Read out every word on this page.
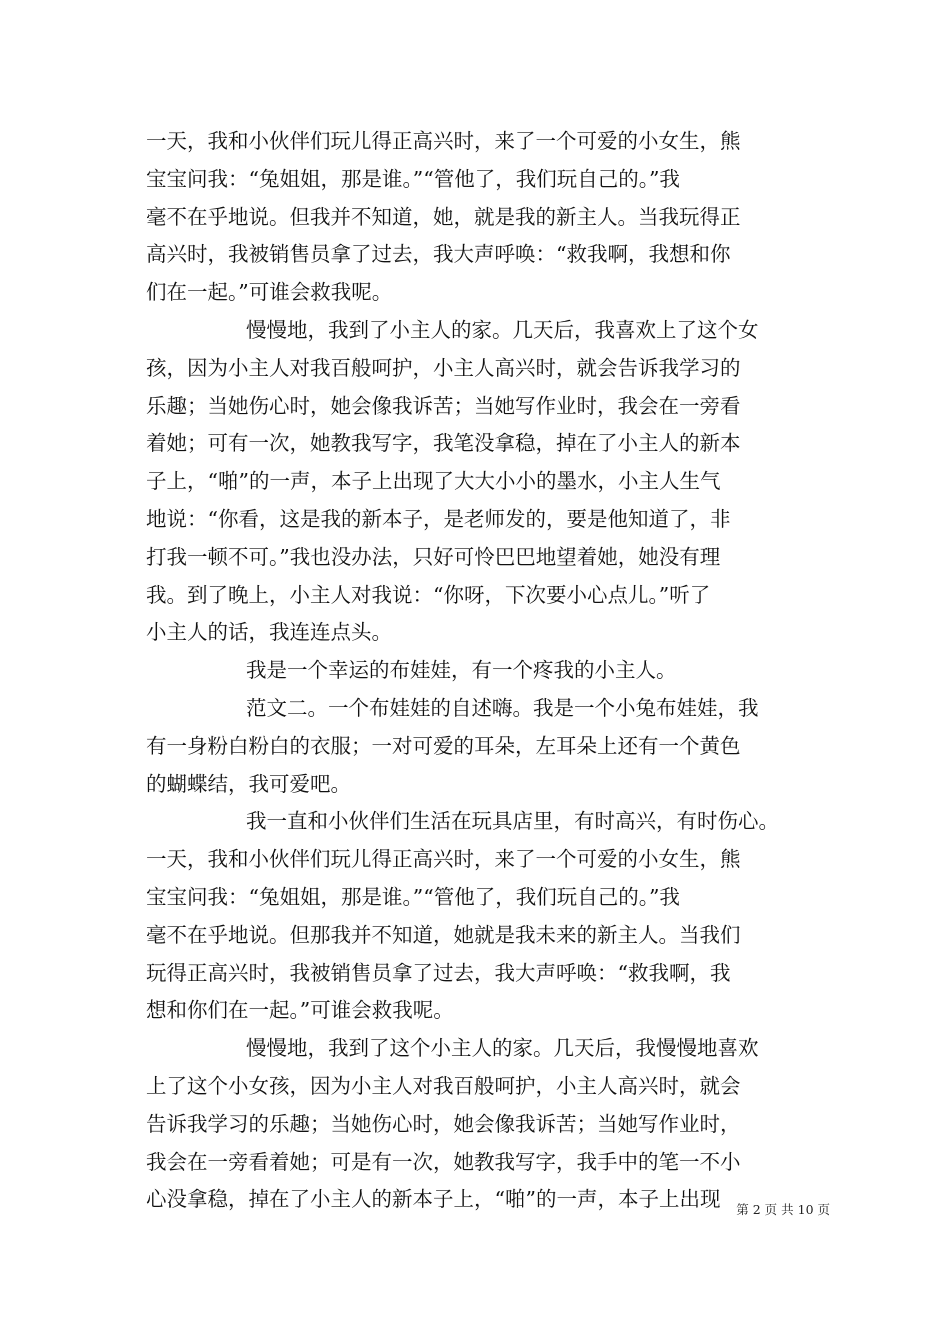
一天，我和小伙伴们玩儿得正高兴时，来了一个可爱的小女生，熊
宝宝问我：“兔姐姐，那是谁。”“管他了，我们玩自己的。”我
毫不在乎地说。但我并不知道，她，就是我的新主人。当我玩得正
高兴时，我被销售员拿了过去，我大声呼唤：“救我啊，我想和你
们在一起。”可谁会救我呢。
慢慢地，我到了小主人的家。几天后，我喜欢上了这个女
孩，因为小主人对我百般呵护，小主人高兴时，就会告诉我学习的
乐趣；当她伤心时，她会像我诉苦；当她写作业时，我会在一旁看
着她；可有一次，她教我写字，我笔没拿稳，掉在了小主人的新本
子上，“啪”的一声，本子上出现了大大小小的墨水，小主人生气
地说：“你看，这是我的新本子，是老师发的，要是他知道了，非
打我一顿不可。”我也没办法，只好可怜巴巴地望着她，她没有理
我。到了晚上，小主人对我说：“你呀，下次要小心点儿。”听了
小主人的话，我连连点头。
我是一个幸运的布娃娃，有一个疼我的小主人。
范文二。一个布娃娃的自述嗨。我是一个小兔布娃娃，我
有一身粉白粉白的衣服；一对可爱的耳朵，左耳朵上还有一个黄色
的蝴蝶结，我可爱吧。
我一直和小伙伴们生活在玩具店里，有时高兴，有时伤心。
一天，我和小伙伴们玩儿得正高兴时，来了一个可爱的小女生，熊
宝宝问我：“兔姐姐，那是谁。”“管他了，我们玩自己的。”我
毫不在乎地说。但那我并不知道，她就是我未来的新主人。当我们
玩得正高兴时，我被销售员拿了过去，我大声呼唤：“救我啊，我
想和你们在一起。”可谁会救我呢。
慢慢地，我到了这个小主人的家。几天后，我慢慢地喜欢
上了这个小女孩，因为小主人对我百般呵护，小主人高兴时，就会
告诉我学习的乐趣；当她伤心时，她会像我诉苦；当她写作业时，
我会在一旁看着她；可是有一次，她教我写字，我手中的笔一不小
心没拿稳，掉在了小主人的新本子上，“啪”的一声，本子上出现	第 2 页 共 10 页
